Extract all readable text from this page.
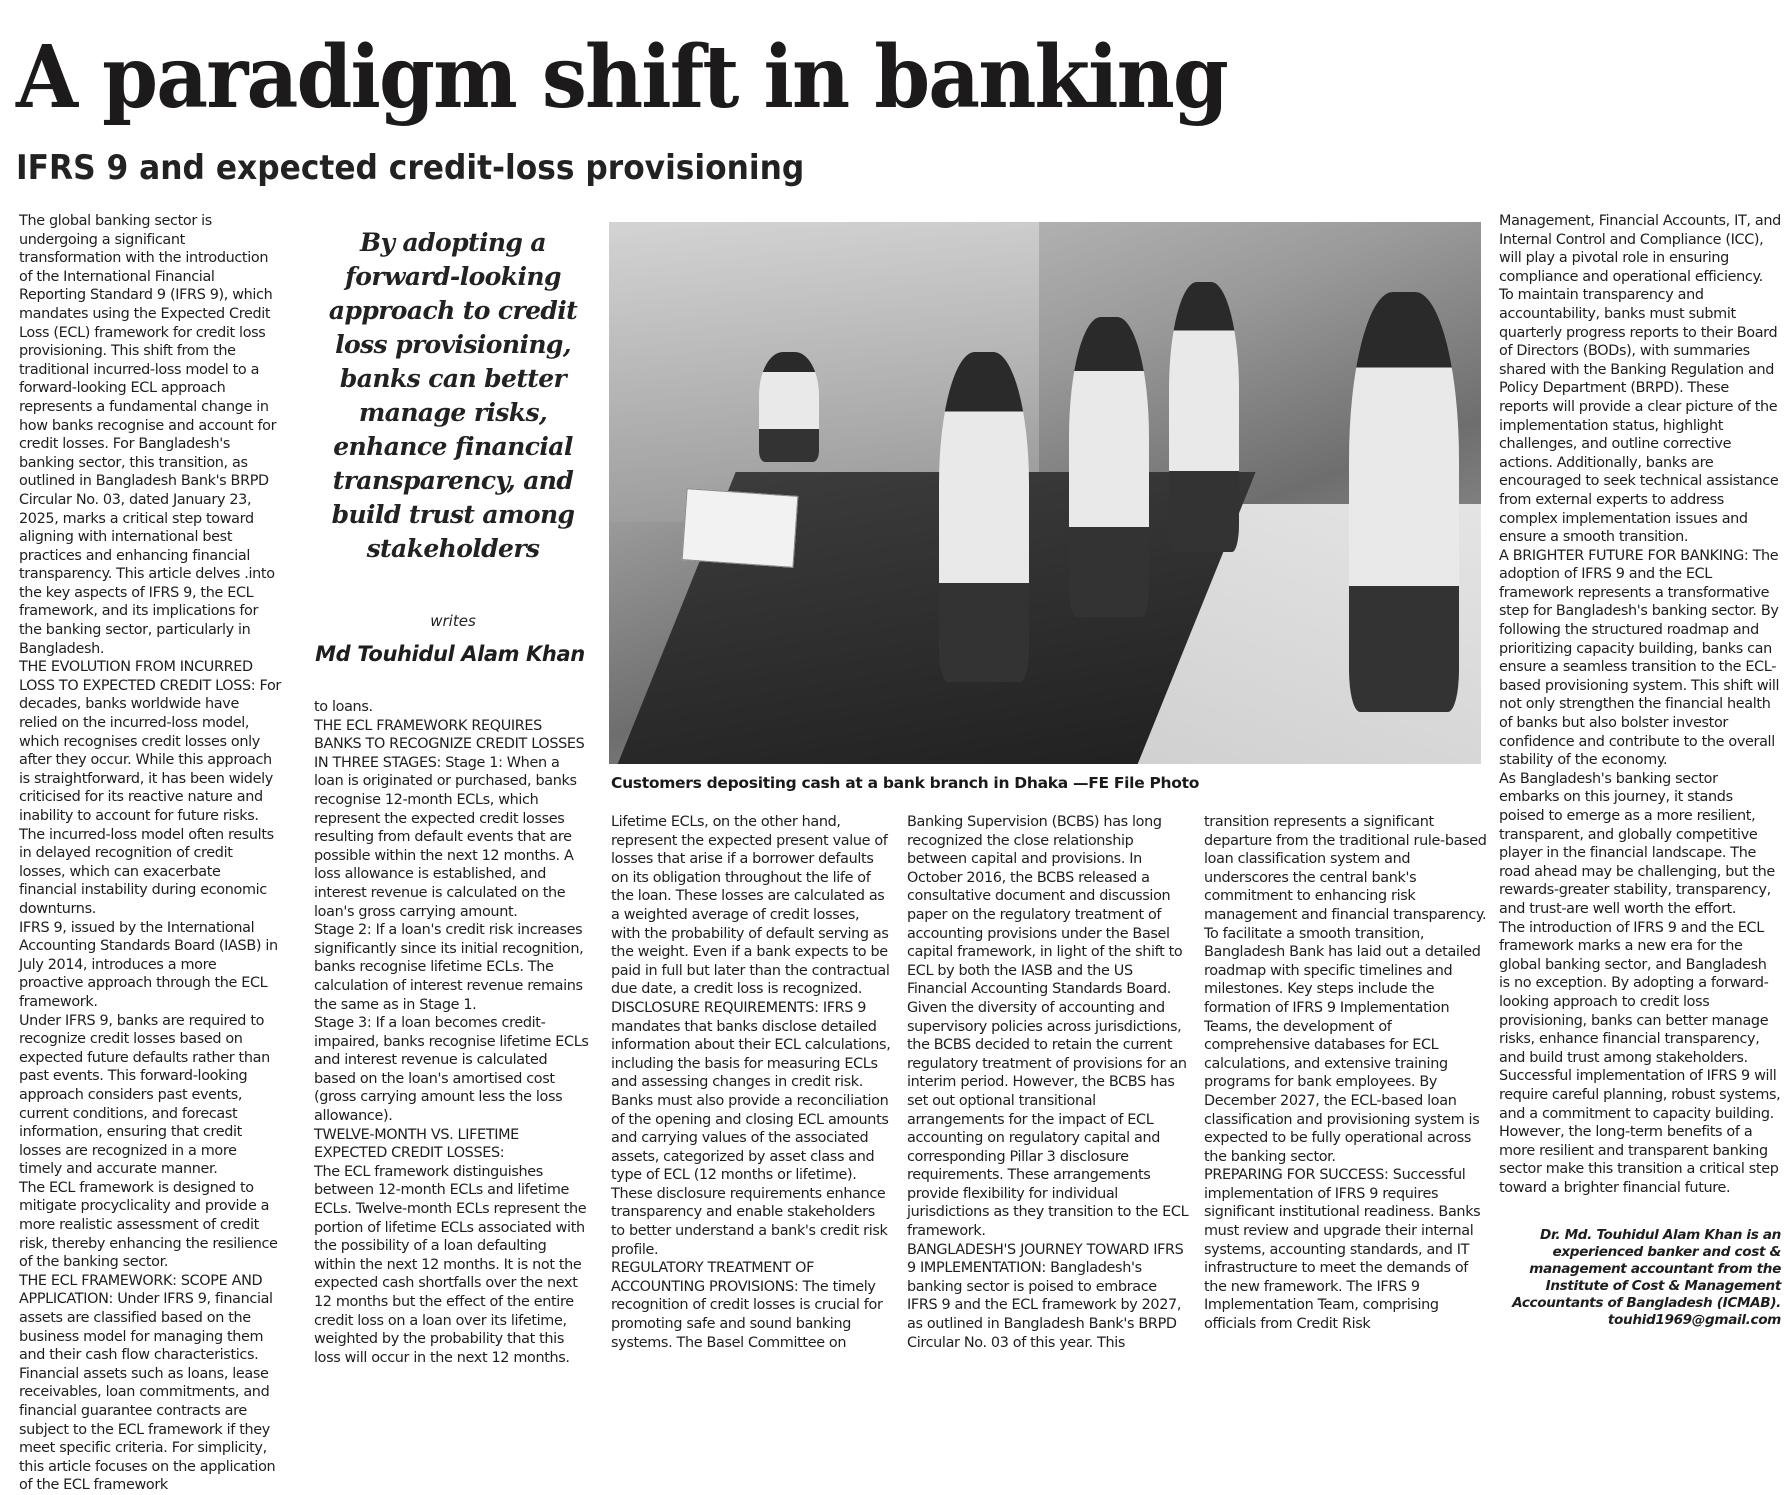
A paradigm shift in banking
IFRS 9 and expected credit-loss provisioning

The global banking sector is undergoing a significant transformation with the introduction of the International Financial Reporting Standard 9 (IFRS 9), which mandates using the Expected Credit Loss (ECL) framework for credit loss provisioning. This shift from the traditional incurred-loss model to a forward-looking ECL approach represents a fundamental change in how banks recognise and account for credit losses. For Bangladesh's banking sector, this transition, as outlined in Bangladesh Bank's BRPD Circular No. 03, dated January 23, 2025, marks a critical step toward aligning with international best practices and enhancing financial transparency. This article delves .into the key aspects of IFRS 9, the ECL framework, and its implications for the banking sector, particularly in Bangladesh.

THE EVOLUTION FROM INCURRED LOSS TO EXPECTED CREDIT LOSS: For decades, banks worldwide have relied on the incurred-loss model, which recognises credit losses only after they occur. While this approach is straightforward, it has been widely criticised for its reactive nature and inability to account for future risks. The incurred-loss model often results in delayed recognition of credit losses, which can exacerbate financial instability during economic downturns.

IFRS 9, issued by the International Accounting Standards Board (IASB) in July 2014, introduces a more proactive approach through the ECL framework.

Under IFRS 9, banks are required to recognize credit losses based on expected future defaults rather than past events. This forward-looking approach considers past events, current conditions, and forecast information, ensuring that credit losses are recognized in a more timely and accurate manner.

The ECL framework is designed to mitigate procyclicality and provide a more realistic assessment of credit risk, thereby enhancing the resilience of the banking sector.

THE ECL FRAMEWORK: SCOPE AND APPLICATION: Under IFRS 9, financial assets are classified based on the business model for managing them and their cash flow characteristics. Financial assets such as loans, lease receivables, loan commitments, and financial guarantee contracts are subject to the ECL framework if they meet specific criteria. For simplicity, this article focuses on the application of the ECL framework

By adopting a forward-looking approach to credit loss provisioning, banks can better manage risks, enhance financial transparency, and build trust among stakeholders

writes
Md Touhidul Alam Khan

to loans.

THE ECL FRAMEWORK REQUIRES BANKS TO RECOGNIZE CREDIT LOSSES IN THREE STAGES: Stage 1: When a loan is originated or purchased, banks recognise 12-month ECLs, which represent the expected credit losses resulting from default events that are possible within the next 12 months. A loss allowance is established, and interest revenue is calculated on the loan's gross carrying amount.

Stage 2: If a loan's credit risk increases significantly since its initial recognition, banks recognise lifetime ECLs. The calculation of interest revenue remains the same as in Stage 1.

Stage 3: If a loan becomes credit-impaired, banks recognise lifetime ECLs and interest revenue is calculated based on the loan's amortised cost (gross carrying amount less the loss allowance).

TWELVE-MONTH VS. LIFETIME EXPECTED CREDIT LOSSES:

The ECL framework distinguishes between 12-month ECLs and lifetime ECLs. Twelve-month ECLs represent the portion of lifetime ECLs associated with the possibility of a loan defaulting within the next 12 months. It is not the expected cash shortfalls over the next 12 months but the effect of the entire credit loss on a loan over its lifetime, weighted by the probability that this loss will occur in the next 12 months.

Customers depositing cash at a bank branch in Dhaka —FE File Photo

Lifetime ECLs, on the other hand, represent the expected present value of losses that arise if a borrower defaults on its obligation throughout the life of the loan. These losses are calculated as a weighted average of credit losses, with the probability of default serving as the weight. Even if a bank expects to be paid in full but later than the contractual due date, a credit loss is recognized.

DISCLOSURE REQUIREMENTS: IFRS 9 mandates that banks disclose detailed information about their ECL calculations, including the basis for measuring ECLs and assessing changes in credit risk. Banks must also provide a reconciliation of the opening and closing ECL amounts and carrying values of the associated assets, categorized by asset class and type of ECL (12 months or lifetime). These disclosure requirements enhance transparency and enable stakeholders to better understand a bank's credit risk profile.

REGULATORY TREATMENT OF ACCOUNTING PROVISIONS: The timely recognition of credit losses is crucial for promoting safe and sound banking systems. The Basel Committee on

Banking Supervision (BCBS) has long recognized the close relationship between capital and provisions. In October 2016, the BCBS released a consultative document and discussion paper on the regulatory treatment of accounting provisions under the Basel capital framework, in light of the shift to ECL by both the IASB and the US Financial Accounting Standards Board.

Given the diversity of accounting and supervisory policies across jurisdictions, the BCBS decided to retain the current regulatory treatment of provisions for an interim period. However, the BCBS has set out optional transitional arrangements for the impact of ECL accounting on regulatory capital and corresponding Pillar 3 disclosure requirements. These arrangements provide flexibility for individual jurisdictions as they transition to the ECL framework.

BANGLADESH'S JOURNEY TOWARD IFRS 9 IMPLEMENTATION: Bangladesh's banking sector is poised to embrace IFRS 9 and the ECL framework by 2027, as outlined in Bangladesh Bank's BRPD Circular No. 03 of this year. This

transition represents a significant departure from the traditional rule-based loan classification system and underscores the central bank's commitment to enhancing risk management and financial transparency.

To facilitate a smooth transition, Bangladesh Bank has laid out a detailed roadmap with specific timelines and milestones. Key steps include the formation of IFRS 9 Implementation Teams, the development of comprehensive databases for ECL calculations, and extensive training programs for bank employees. By December 2027, the ECL-based loan classification and provisioning system is expected to be fully operational across the banking sector.

PREPARING FOR SUCCESS: Successful implementation of IFRS 9 requires significant institutional readiness. Banks must review and upgrade their internal systems, accounting standards, and IT infrastructure to meet the demands of the new framework. The IFRS 9 Implementation Team, comprising officials from Credit Risk

Management, Financial Accounts, IT, and Internal Control and Compliance (ICC), will play a pivotal role in ensuring compliance and operational efficiency.

To maintain transparency and accountability, banks must submit quarterly progress reports to their Board of Directors (BODs), with summaries shared with the Banking Regulation and Policy Department (BRPD). These reports will provide a clear picture of the implementation status, highlight challenges, and outline corrective actions. Additionally, banks are encouraged to seek technical assistance from external experts to address complex implementation issues and ensure a smooth transition.

A BRIGHTER FUTURE FOR BANKING: The adoption of IFRS 9 and the ECL framework represents a transformative step for Bangladesh's banking sector. By following the structured roadmap and prioritizing capacity building, banks can ensure a seamless transition to the ECL-based provisioning system. This shift will not only strengthen the financial health of banks but also bolster investor confidence and contribute to the overall stability of the economy.

As Bangladesh's banking sector embarks on this journey, it stands poised to emerge as a more resilient, transparent, and globally competitive player in the financial landscape. The road ahead may be challenging, but the rewards-greater stability, transparency, and trust-are well worth the effort.

The introduction of IFRS 9 and the ECL framework marks a new era for the global banking sector, and Bangladesh is no exception. By adopting a forward-looking approach to credit loss provisioning, banks can better manage risks, enhance financial transparency, and build trust among stakeholders. Successful implementation of IFRS 9 will require careful planning, robust systems, and a commitment to capacity building. However, the long-term benefits of a more resilient and transparent banking sector make this transition a critical step toward a brighter financial future.

Dr. Md. Touhidul Alam Khan is an
experienced banker and cost &
management accountant from the
Institute of Cost & Management
Accountants of Bangladesh (ICMAB).
touhid1969@gmail.com
